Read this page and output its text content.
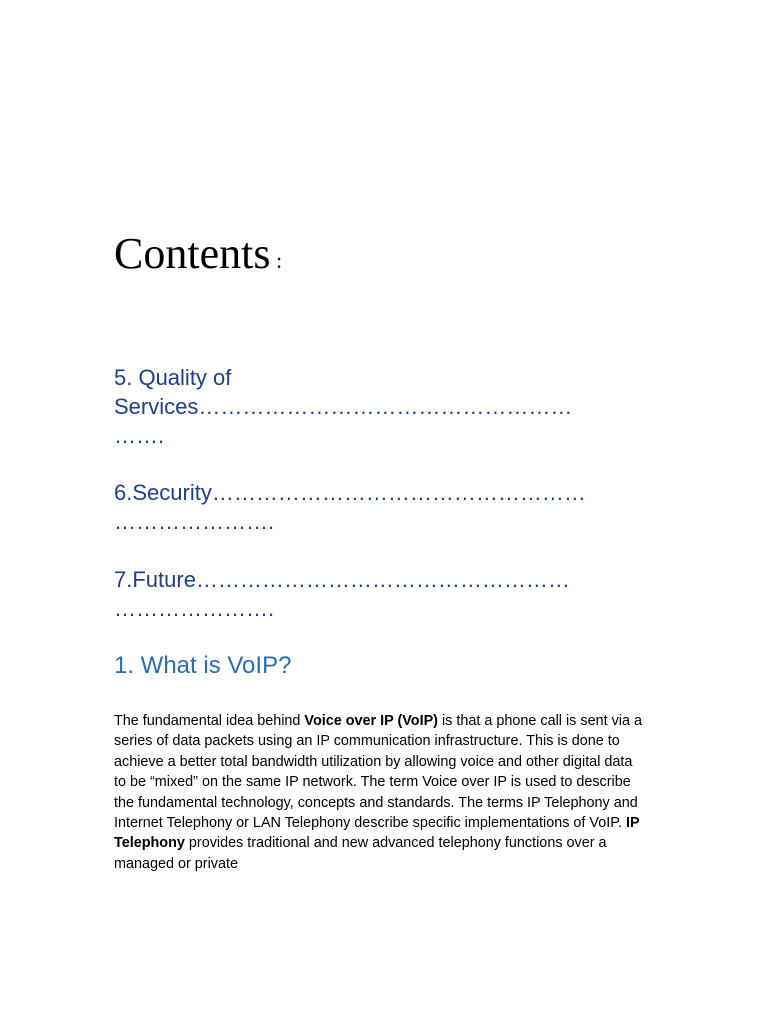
Contents :
5. Quality of
Services……………………………………………
…….
6.Security……………………………………………
………………….
7.Future……………………………………………
………………….
1. What is VoIP?

The fundamental idea behind Voice over IP (VoIP) is that a phone call is sent via a series of data packets using an IP communication infrastructure. This is done to achieve a better total bandwidth utilization by allowing voice and other digital data to be “mixed” on the same IP network. The term Voice over IP is used to describe the fundamental technology, concepts and standards. The terms IP Telephony and Internet Telephony or LAN Telephony describe specific implementations of VoIP. IP Telephony provides traditional and new advanced telephony functions over a managed or private
